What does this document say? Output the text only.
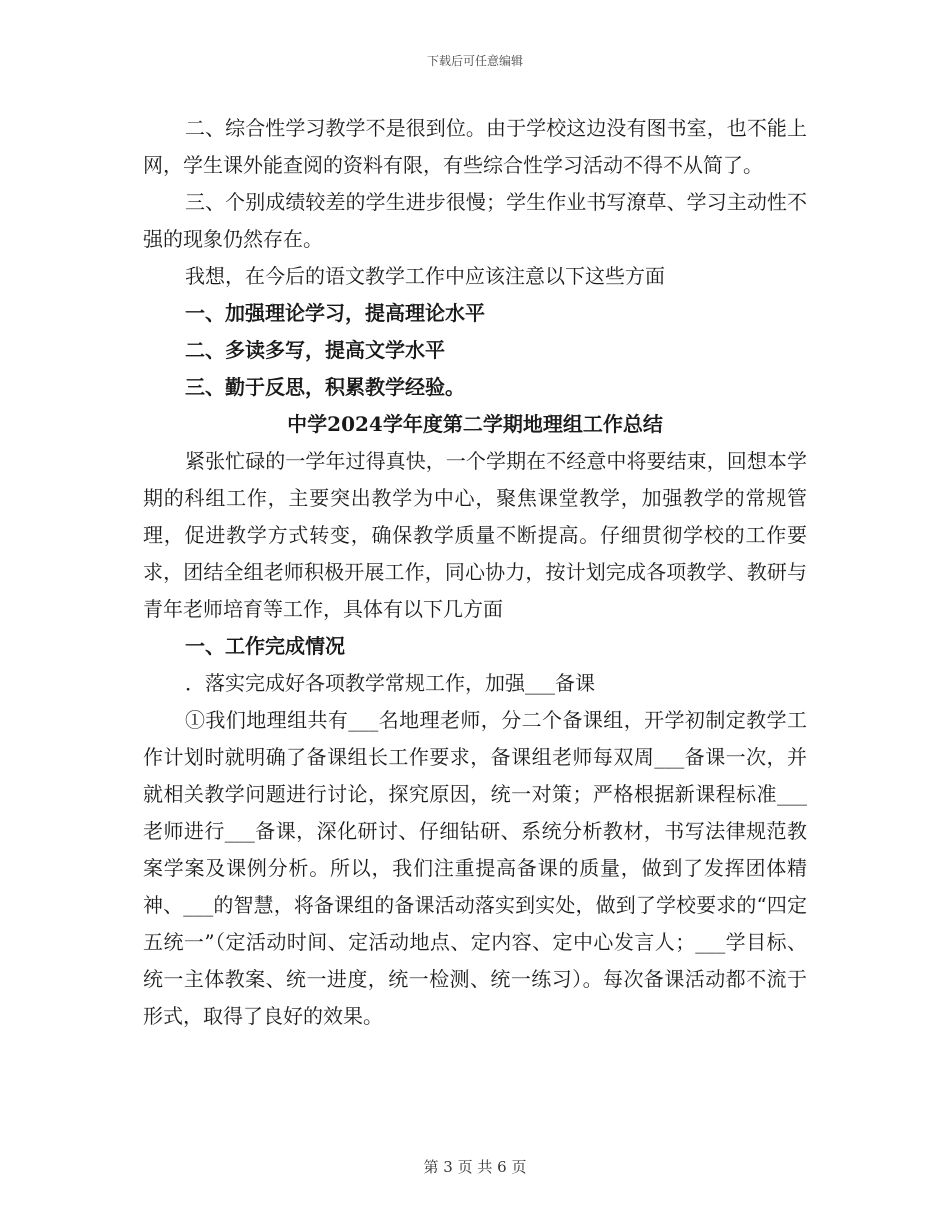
下载后可任意编辑

二、综合性学习教学不是很到位。由于学校这边没有图书室，也不能上网，学生课外能查阅的资料有限，有些综合性学习活动不得不从简了。

三、个别成绩较差的学生进步很慢；学生作业书写潦草、学习主动性不强的现象仍然存在。

我想，在今后的语文教学工作中应该注意以下这些方面

一、加强理论学习，提高理论水平

二、多读多写，提高文学水平

三、勤于反思，积累教学经验。

中学2024学年度第二学期地理组工作总结

紧张忙碌的一学年过得真快，一个学期在不经意中将要结束，回想本学期的科组工作，主要突出教学为中心，聚焦课堂教学，加强教学的常规管理，促进教学方式转变，确保教学质量不断提高。仔细贯彻学校的工作要求，团结全组老师积极开展工作，同心协力，按计划完成各项教学、教研与青年老师培育等工作，具体有以下几方面

一、工作完成情况

．落实完成好各项教学常规工作，加强___备课

①我们地理组共有___名地理老师，分二个备课组，开学初制定教学工作计划时就明确了备课组长工作要求，备课组老师每双周___备课一次，并就相关教学问题进行讨论，探究原因，统一对策；严格根据新课程标准___老师进行___备课，深化研讨、仔细钻研、系统分析教材，书写法律规范教案学案及课例分析。所以，我们注重提高备课的质量，做到了发挥团体精神、___的智慧，将备课组的备课活动落实到实处，做到了学校要求的“四定五统一”（定活动时间、定活动地点、定内容、定中心发言人；___学目标、统一主体教案、统一进度，统一检测、统一练习）。每次备课活动都不流于形式，取得了良好的效果。

第 3 页 共 6 页
